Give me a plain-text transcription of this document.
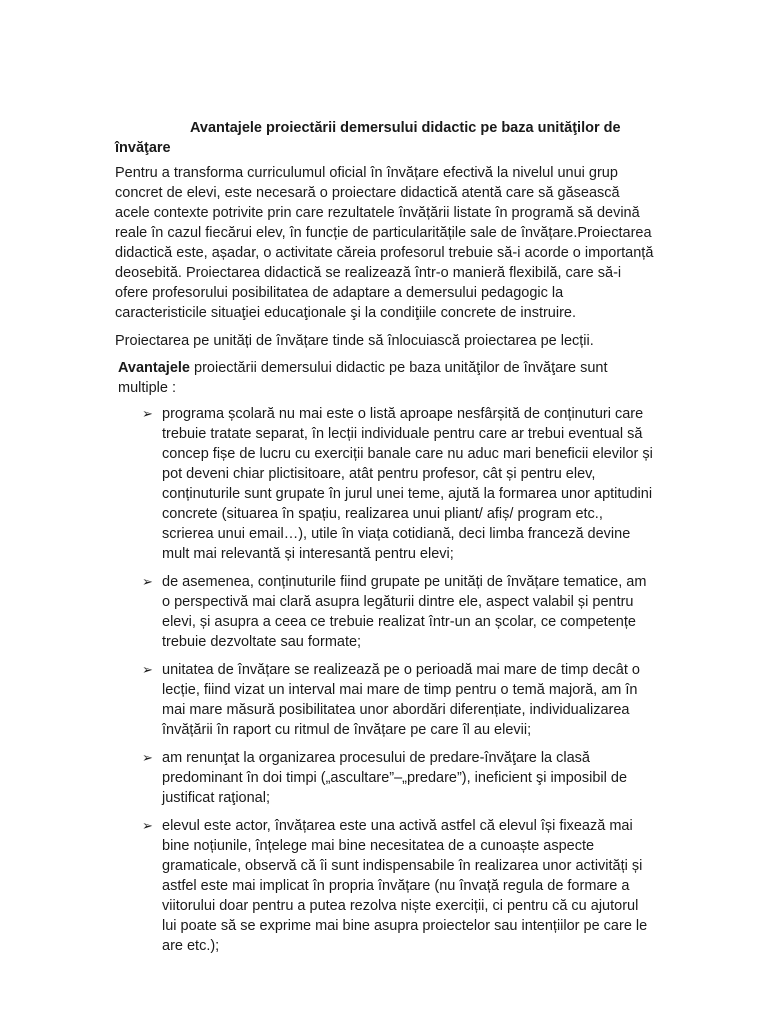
Avantajele proiectării demersului didactic pe baza unităţilor de învăţare

Pentru a transforma curriculumul oficial în învățare efectivă la nivelul unui grup concret de elevi, este necesară o proiectare didactică atentă care să găsească acele contexte potrivite prin care rezultatele învățării listate în programă să devină reale în cazul fiecărui elev, în funcție de particularitățile sale de învățare.Proiectarea didactică este, așadar, o activitate căreia profesorul trebuie să-i acorde o importanță deosebită. Proiectarea didactică se realizează într-o manieră flexibilă, care să-i ofere profesorului posibilitatea de adaptare a demersului pedagogic la caracteristicile situaţiei educaţionale şi la condiţiile concrete de instruire.

Proiectarea pe unități de învățare tinde să înlocuiască proiectarea pe lecții.

Avantajele proiectării demersului didactic pe baza unităţilor de învăţare sunt multiple :

➢ programa școlară nu mai este o listă aproape nesfârșită de conținuturi care trebuie tratate separat, în lecții individuale pentru care ar trebui eventual să concep fișe de lucru cu exerciții banale care nu aduc mari beneficii elevilor și pot deveni chiar plictisitoare, atât pentru profesor, cât și pentru elev, conținuturile sunt grupate în jurul unei teme, ajută la formarea unor aptitudini concrete (situarea în spațiu, realizarea unui pliant/ afiș/ program etc., scrierea unui email…), utile în viața cotidiană, deci limba franceză devine mult mai relevantă și interesantă pentru elevi;
➢ de asemenea, conținuturile fiind grupate pe unități de învățare tematice, am o perspectivă mai clară asupra legăturii dintre ele, aspect valabil și pentru elevi, și asupra a ceea ce trebuie realizat într-un an școlar, ce competențe trebuie dezvoltate sau formate;
➢ unitatea de învățare se realizează pe o perioadă mai mare de timp decât o lecție, fiind vizat un interval mai mare de timp pentru o temă majoră, am în mai mare măsură posibilitatea unor abordări diferențiate, individualizarea învățării în raport cu ritmul de învățare pe care îl au elevii;
➢ am renunţat la organizarea procesului de predare-învăţare la clasă predominant în doi timpi („ascultare”–„predare”), ineficient şi imposibil de justificat raţional;
➢ elevul este actor, învățarea este una activă astfel că elevul își fixează mai bine noțiunile, înțelege mai bine necesitatea de a cunoaște aspecte gramaticale, observă că îi sunt indispensabile în realizarea unor activități și astfel este mai implicat în propria învățare (nu învață regula de formare a viitorului doar pentru a putea rezolva niște exerciții, ci pentru că cu ajutorul lui poate să se exprime mai bine asupra proiectelor sau intențiilor pe care le are etc.);
